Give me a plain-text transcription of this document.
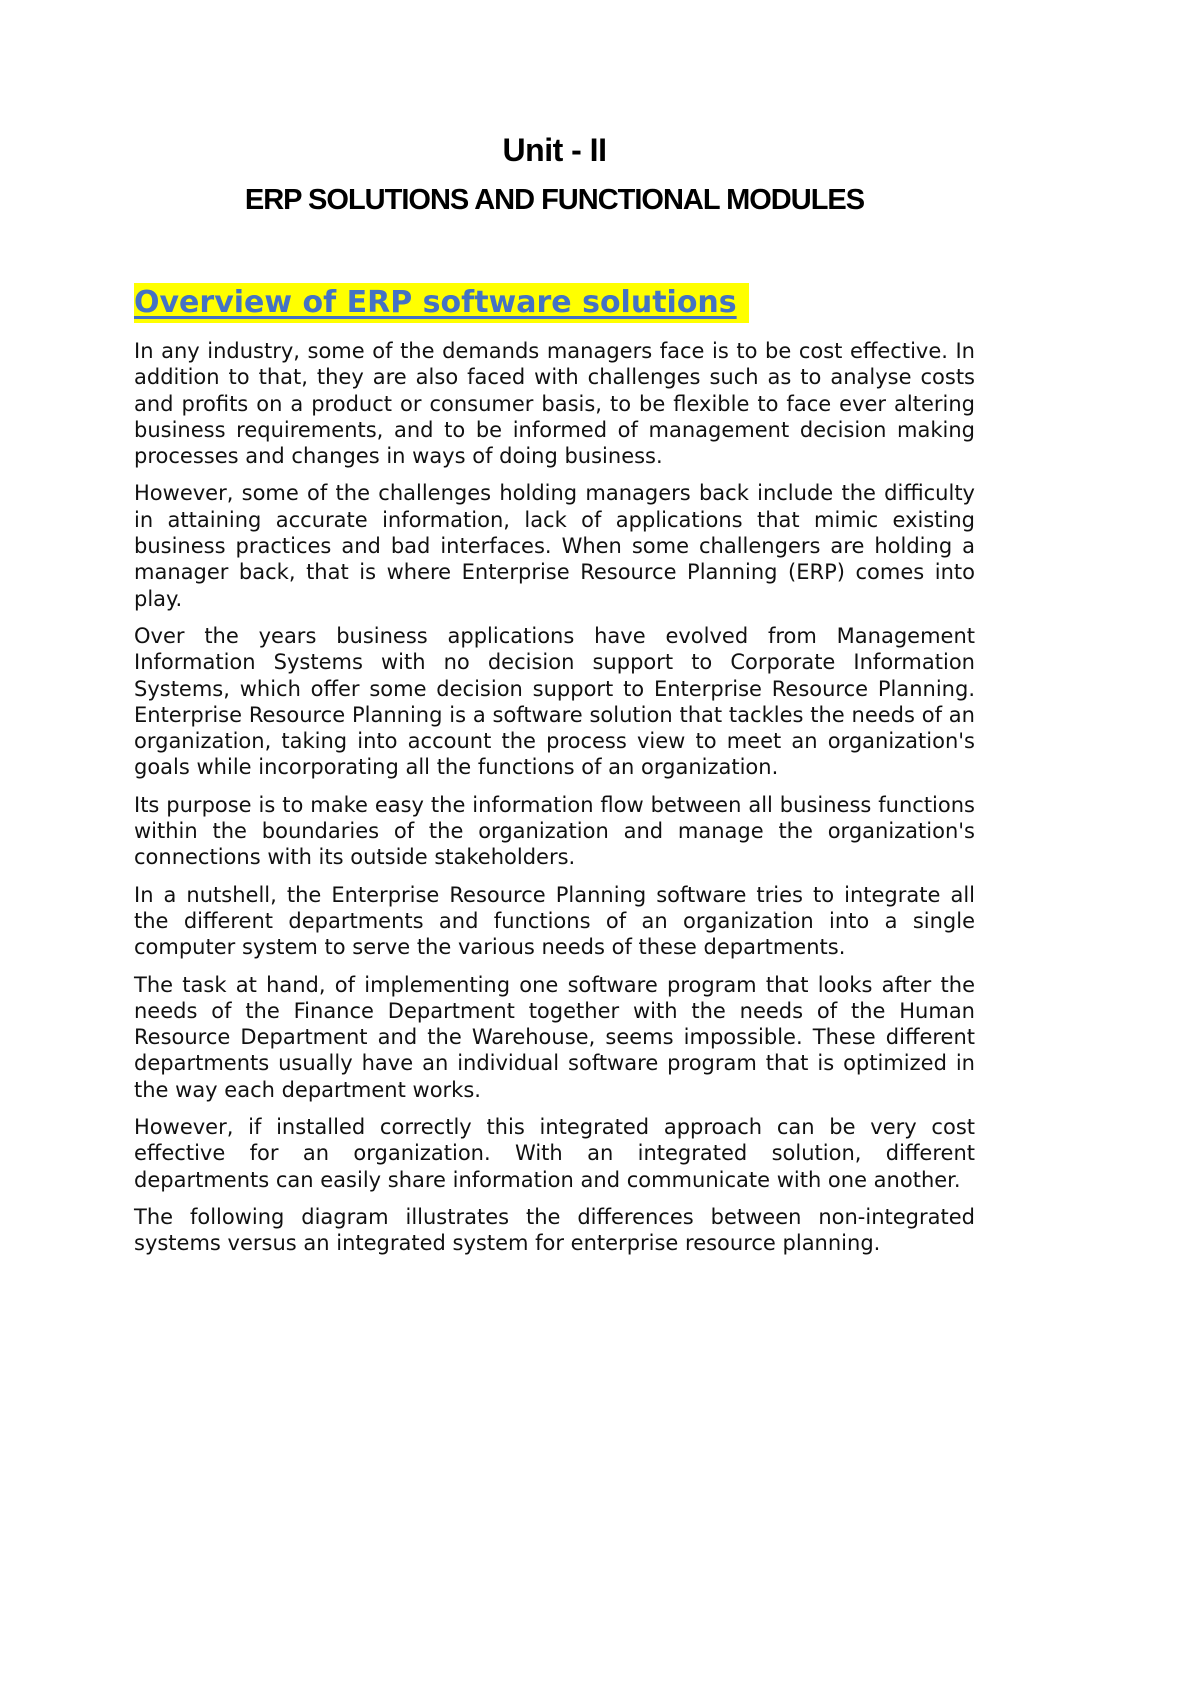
Unit - II
ERP SOLUTIONS AND FUNCTIONAL MODULES
Overview of ERP software solutions

In any industry, some of the demands managers face is to be cost effective. In addition to that, they are also faced with challenges such as to analyse costs and profits on a product or consumer basis, to be flexible to face ever altering business requirements, and to be informed of management decision making processes and changes in ways of doing business.

However, some of the challenges holding managers back include the difficulty in attaining accurate information, lack of applications that mimic existing business practices and bad interfaces. When some challengers are holding a manager back, that is where Enterprise Resource Planning (ERP) comes into play.

Over the years business applications have evolved from Management Information Systems with no decision support to Corporate Information Systems, which offer some decision support to Enterprise Resource Planning. Enterprise Resource Planning is a software solution that tackles the needs of an organization, taking into account the process view to meet an organization's goals while incorporating all the functions of an organization.

Its purpose is to make easy the information flow between all business functions within the boundaries of the organization and manage the organization's connections with its outside stakeholders.

In a nutshell, the Enterprise Resource Planning software tries to integrate all the different departments and functions of an organization into a single computer system to serve the various needs of these departments.

The task at hand, of implementing one software program that looks after the needs of the Finance Department together with the needs of the Human Resource Department and the Warehouse, seems impossible. These different departments usually have an individual software program that is optimized in the way each department works.

However, if installed correctly this integrated approach can be very cost effective for an organization. With an integrated solution, different departments can easily share information and communicate with one another.

The following diagram illustrates the differences between non-integrated systems versus an integrated system for enterprise resource planning.
